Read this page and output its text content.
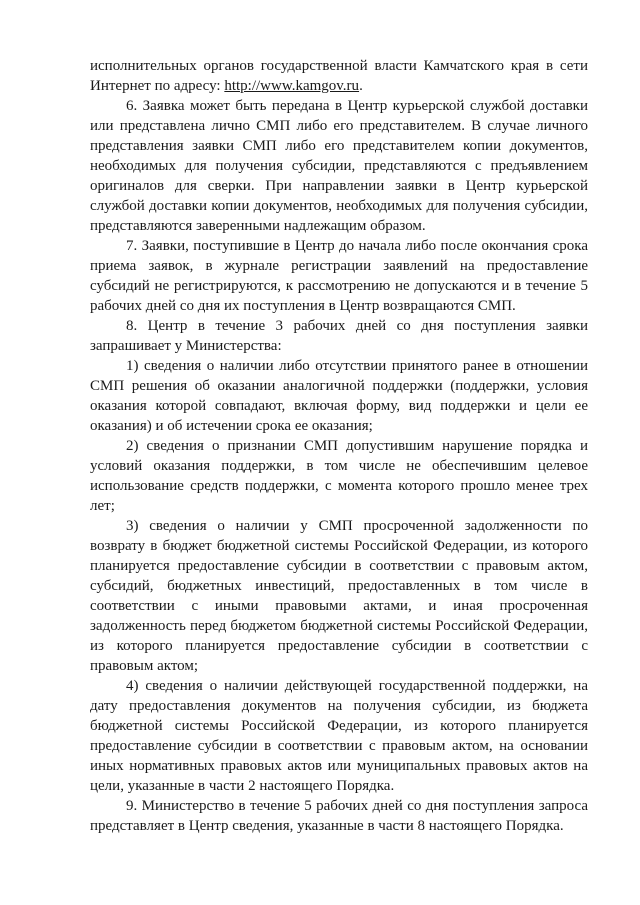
исполнительных органов государственной власти Камчатского края в сети Интернет по адресу: http://www.kamgov.ru.

6. Заявка может быть передана в Центр курьерской службой доставки или представлена лично СМП либо его представителем. В случае личного представления заявки СМП либо его представителем копии документов, необходимых для получения субсидии, представляются с предъявлением оригиналов для сверки. При направлении заявки в Центр курьерской службой доставки копии документов, необходимых для получения субсидии, представляются заверенными надлежащим образом.

7. Заявки, поступившие в Центр до начала либо после окончания срока приема заявок, в журнале регистрации заявлений на предоставление субсидий не регистрируются, к рассмотрению не допускаются и в течение 5 рабочих дней со дня их поступления в Центр возвращаются СМП.

8. Центр в течение 3 рабочих дней со дня поступления заявки запрашивает у Министерства:

1) сведения о наличии либо отсутствии принятого ранее в отношении СМП решения об оказании аналогичной поддержки (поддержки, условия оказания которой совпадают, включая форму, вид поддержки и цели ее оказания) и об истечении срока ее оказания;

2) сведения о признании СМП допустившим нарушение порядка и условий оказания поддержки, в том числе не обеспечившим целевое использование средств поддержки, с момента которого прошло менее трех лет;

3) сведения о наличии у СМП просроченной задолженности по возврату в бюджет бюджетной системы Российской Федерации, из которого планируется предоставление субсидии в соответствии с правовым актом, субсидий, бюджетных инвестиций, предоставленных в том числе в соответствии с иными правовыми актами, и иная просроченная задолженность перед бюджетом бюджетной системы Российской Федерации, из которого планируется предоставление субсидии в соответствии с правовым актом;

4) сведения о наличии действующей государственной поддержки, на дату предоставления документов на получения субсидии, из бюджета бюджетной системы Российской Федерации, из которого планируется предоставление субсидии в соответствии с правовым актом, на основании иных нормативных правовых актов или муниципальных правовых актов на цели, указанные в части 2 настоящего Порядка.

9. Министерство в течение 5 рабочих дней со дня поступления запроса представляет в Центр сведения, указанные в части 8 настоящего Порядка.
